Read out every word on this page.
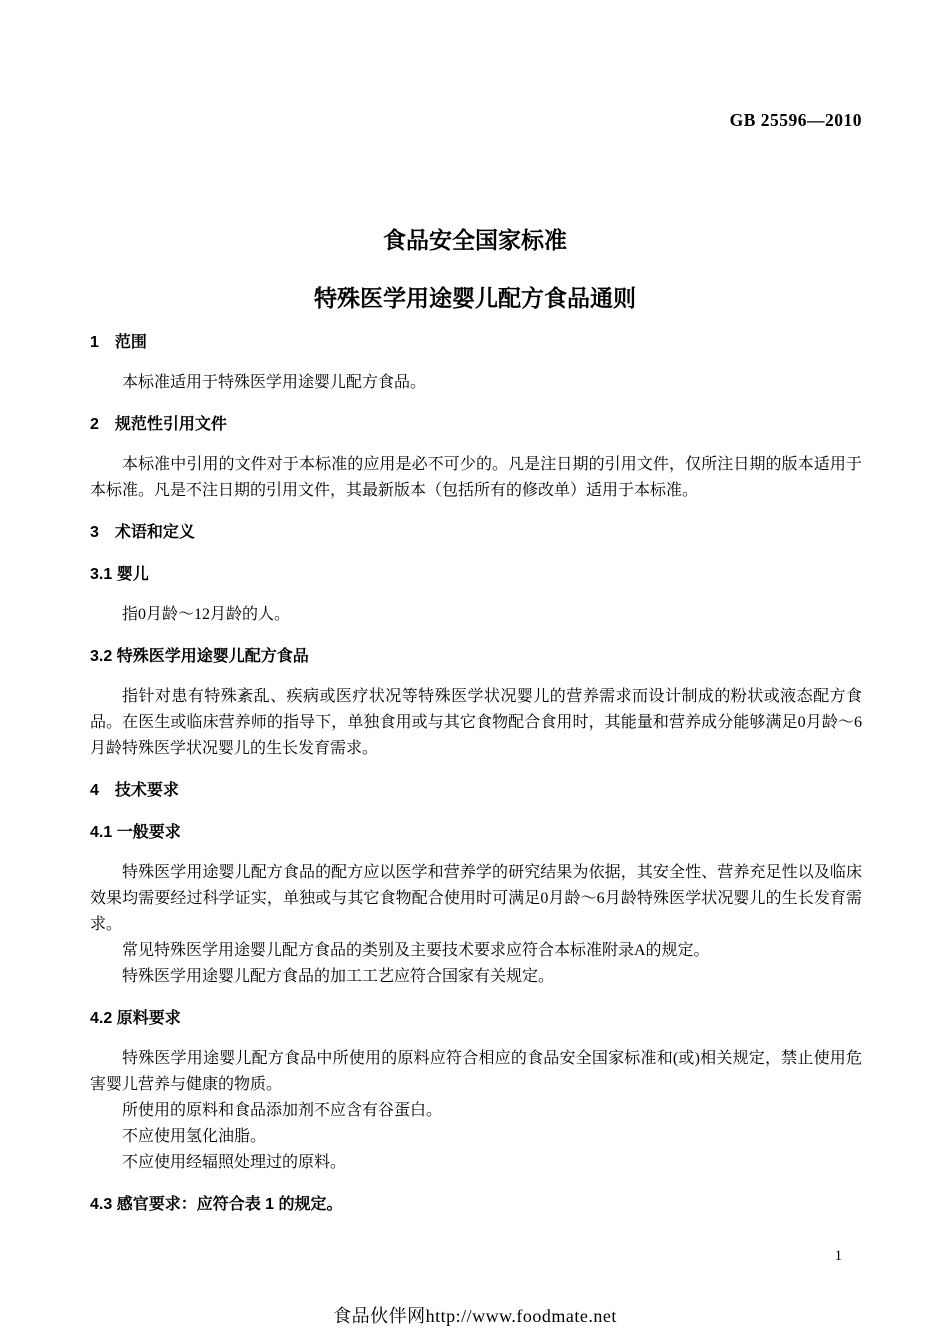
GB 25596—2010
食品安全国家标准
特殊医学用途婴儿配方食品通则
1　范围

本标准适用于特殊医学用途婴儿配方食品。

2　规范性引用文件

本标准中引用的文件对于本标准的应用是必不可少的。凡是注日期的引用文件，仅所注日期的版本适用于本标准。凡是不注日期的引用文件，其最新版本（包括所有的修改单）适用于本标准。

3　术语和定义
3.1 婴儿

指0月龄～12月龄的人。

3.2 特殊医学用途婴儿配方食品

指针对患有特殊紊乱、疾病或医疗状况等特殊医学状况婴儿的营养需求而设计制成的粉状或液态配方食品。在医生或临床营养师的指导下，单独食用或与其它食物配合食用时，其能量和营养成分能够满足0月龄～6月龄特殊医学状况婴儿的生长发育需求。

4　技术要求
4.1 一般要求

特殊医学用途婴儿配方食品的配方应以医学和营养学的研究结果为依据，其安全性、营养充足性以及临床效果均需要经过科学证实，单独或与其它食物配合使用时可满足0月龄～6月龄特殊医学状况婴儿的生长发育需求。

常见特殊医学用途婴儿配方食品的类别及主要技术要求应符合本标准附录A的规定。

特殊医学用途婴儿配方食品的加工工艺应符合国家有关规定。

4.2 原料要求

特殊医学用途婴儿配方食品中所使用的原料应符合相应的食品安全国家标准和(或)相关规定，禁止使用危害婴儿营养与健康的物质。

所使用的原料和食品添加剂不应含有谷蛋白。

不应使用氢化油脂。

不应使用经辐照处理过的原料。

4.3 感官要求：应符合表 1 的规定。
1
食品伙伴网http://www.foodmate.net
